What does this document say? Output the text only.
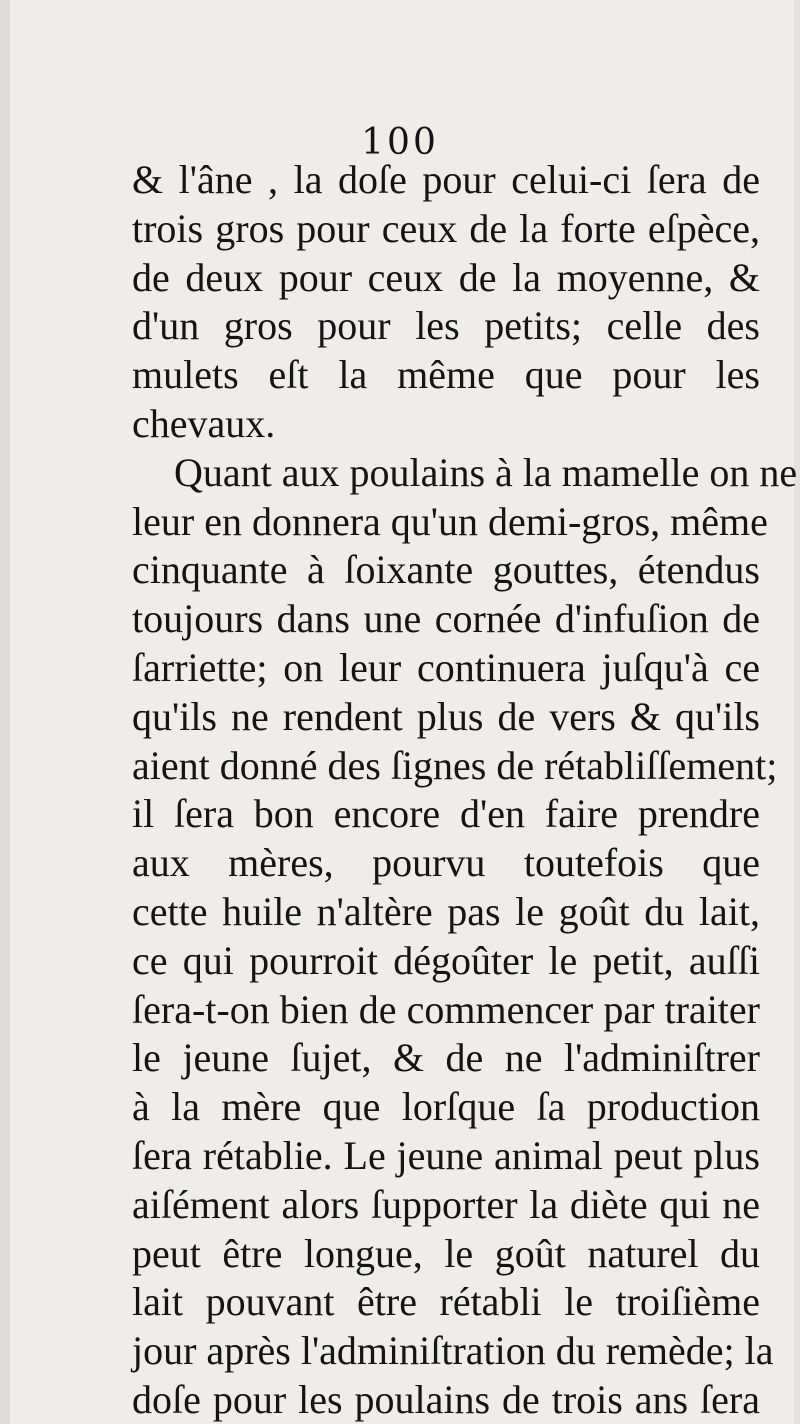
100
& l'âne , la doſe pour celui-ci ſera de
trois gros pour ceux de la forte eſpèce,
de deux pour ceux de la moyenne, &
d'un gros pour les petits; celle des
mulets eſt la même que pour les
chevaux.
Quant aux poulains à la mamelle on ne
leur en donnera qu'un demi-gros, même
cinquante à ſoixante gouttes, étendus
toujours dans une cornée d'infuſion de
ſarriette; on leur continuera juſqu'à ce
qu'ils ne rendent plus de vers & qu'ils
aient donné des ſignes de rétabliſſement;
il ſera bon encore d'en faire prendre
aux mères, pourvu toutefois que
cette huile n'altère pas le goût du lait,
ce qui pourroit dégoûter le petit, auſſi
ſera-t-on bien de commencer par traiter
le jeune ſujet, & de ne l'adminiſtrer
à la mère que lorſque ſa production
ſera rétablie. Le jeune animal peut plus
aiſément alors ſupporter la diète qui ne
peut être longue, le goût naturel du
lait pouvant être rétabli le troiſième
jour après l'adminiſtration du remède; la
doſe pour les poulains de trois ans ſera
